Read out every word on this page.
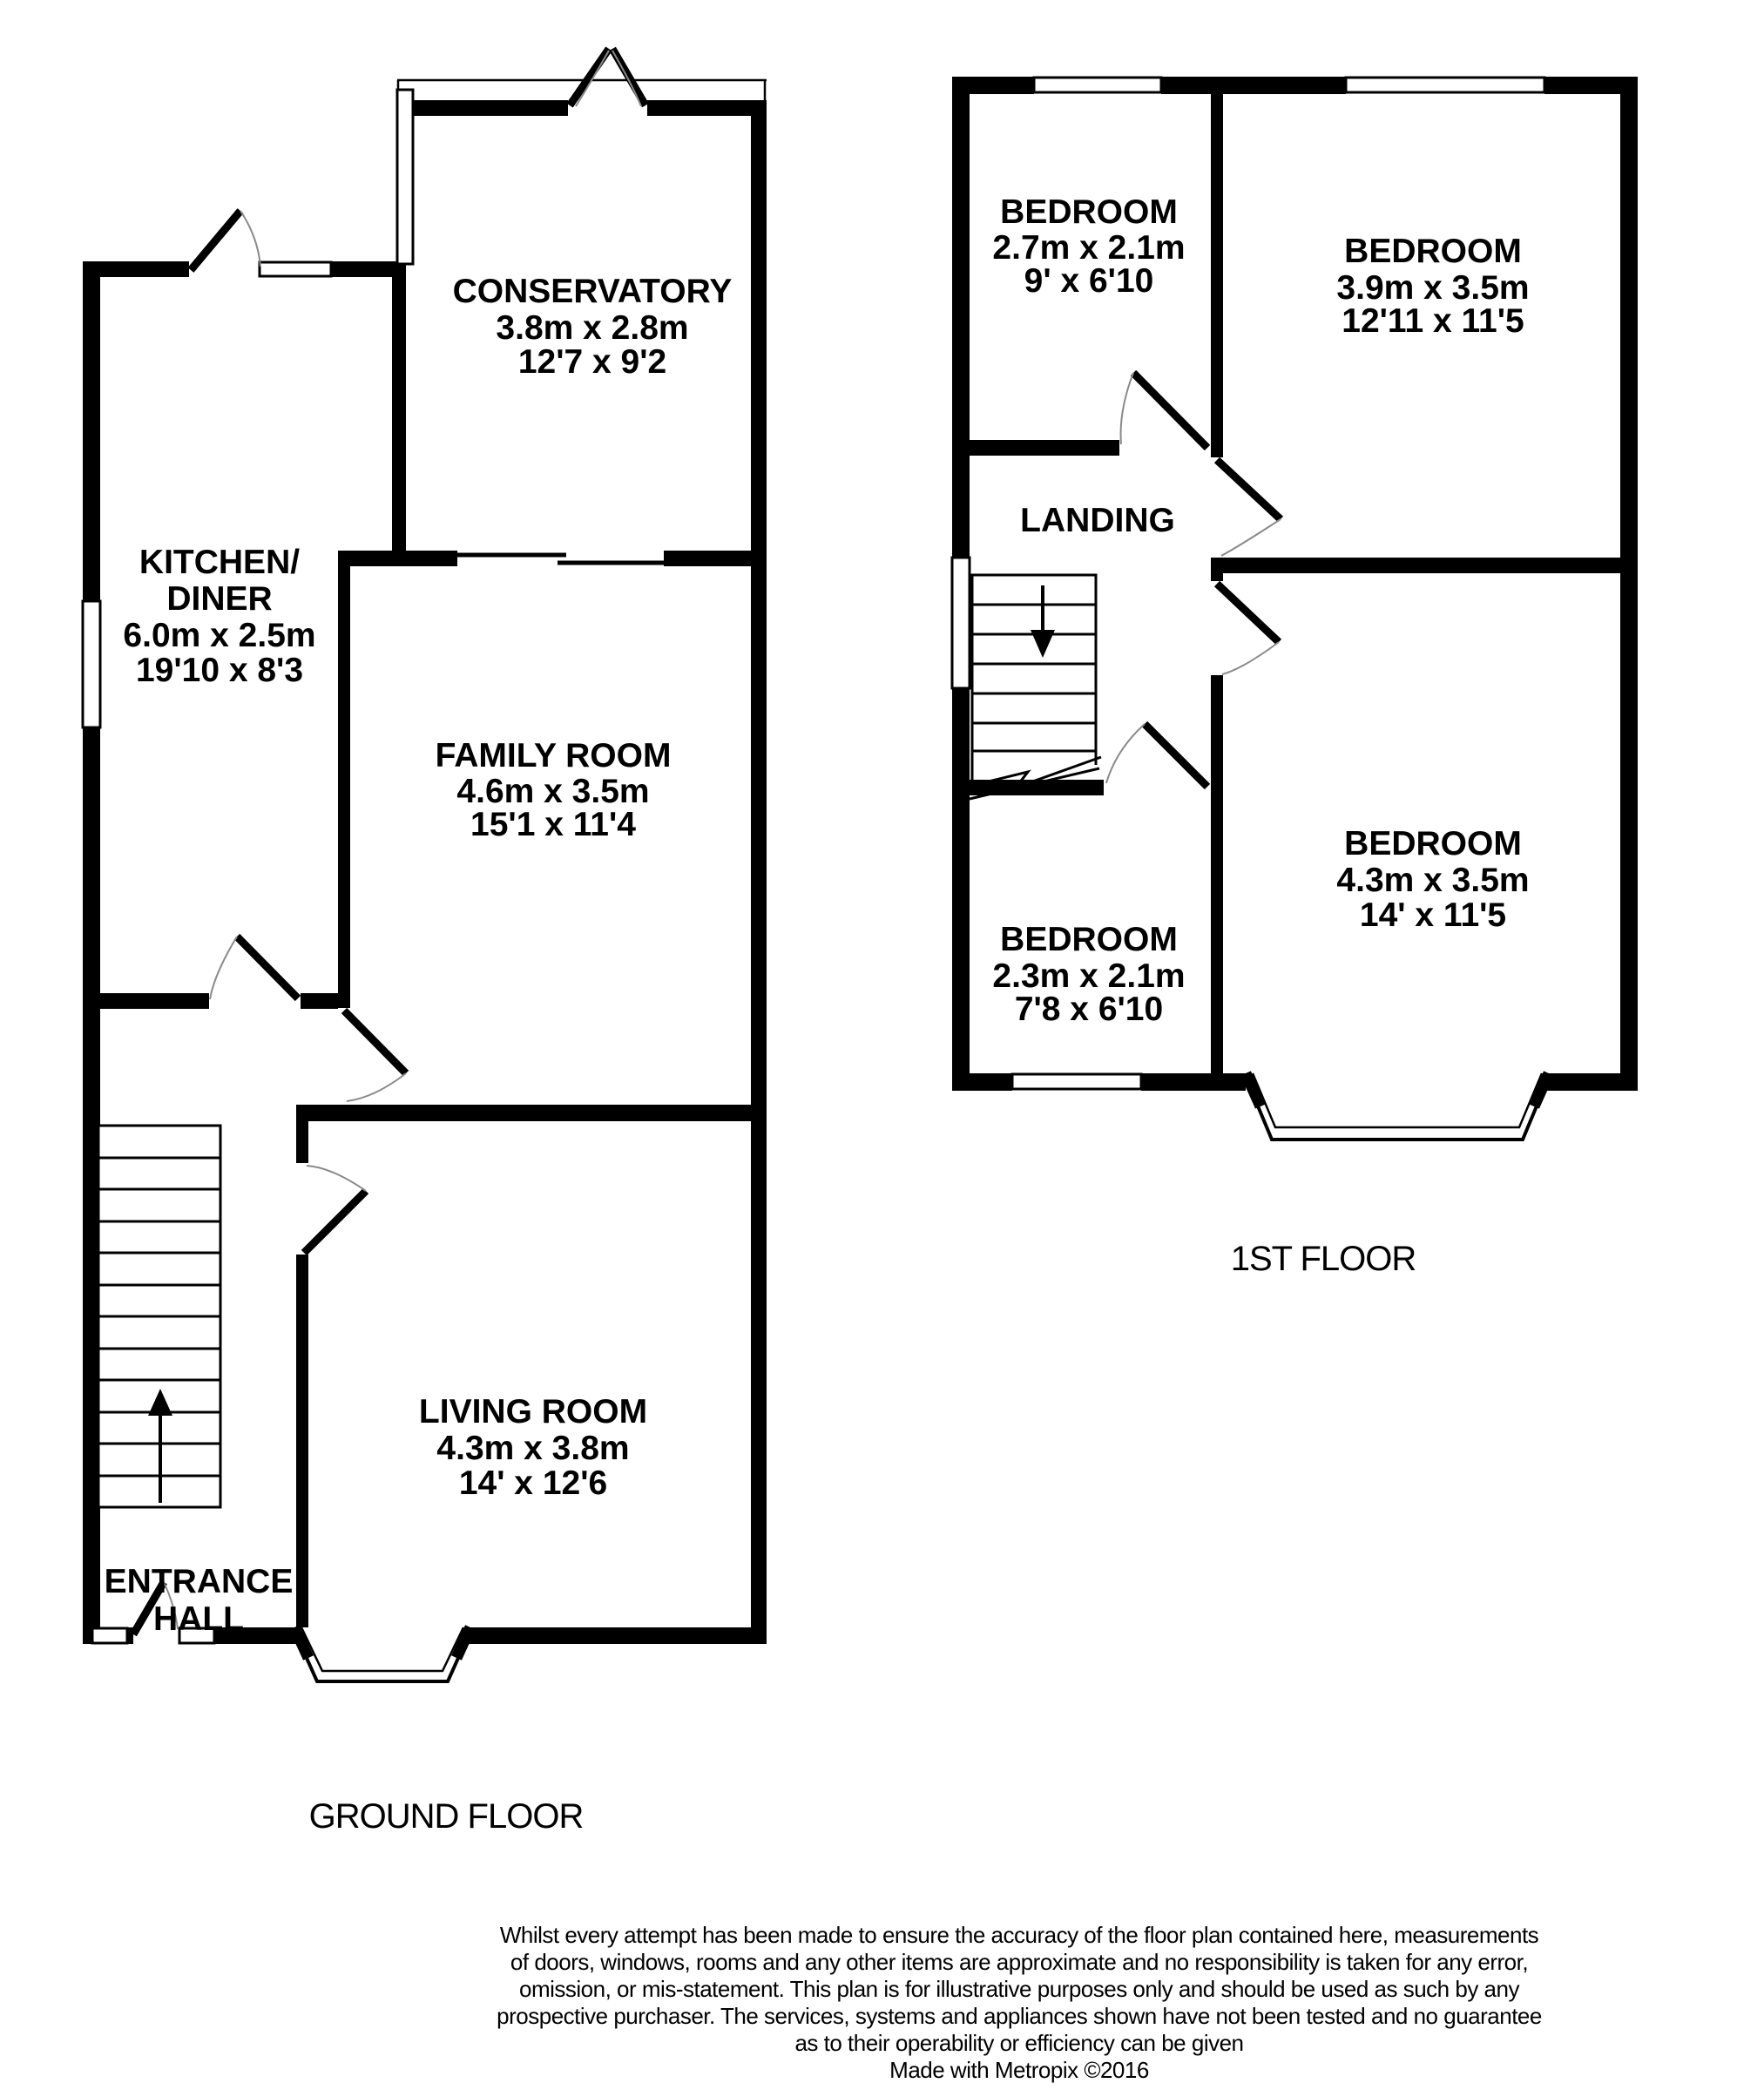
CONSERVATORY
3.8m x 2.8m
12'7 x 9'2
KITCHEN/
DINER
6.0m x 2.5m
19'10 x 8'3
FAMILY ROOM
4.6m x 3.5m
15'1 x 11'4
LIVING ROOM
4.3m x 3.8m
14' x 12'6
ENTRANCE
HALL
GROUND FLOOR
BEDROOM
2.7m x 2.1m
9' x 6'10
BEDROOM
3.9m x 3.5m
12'11 x 11'5
LANDING
BEDROOM
4.3m x 3.5m
14' x 11'5
BEDROOM
2.3m x 2.1m
7'8 x 6'10
1ST FLOOR
Whilst every attempt has been made to ensure the accuracy of the floor plan contained here, measurements
of doors, windows, rooms and any other items are approximate and no responsibility is taken for any error,
omission, or mis-statement. This plan is for illustrative purposes only and should be used as such by any
prospective purchaser. The services, systems and appliances shown have not been tested and no guarantee
as to their operability or efficiency can be given
Made with Metropix ©2016
